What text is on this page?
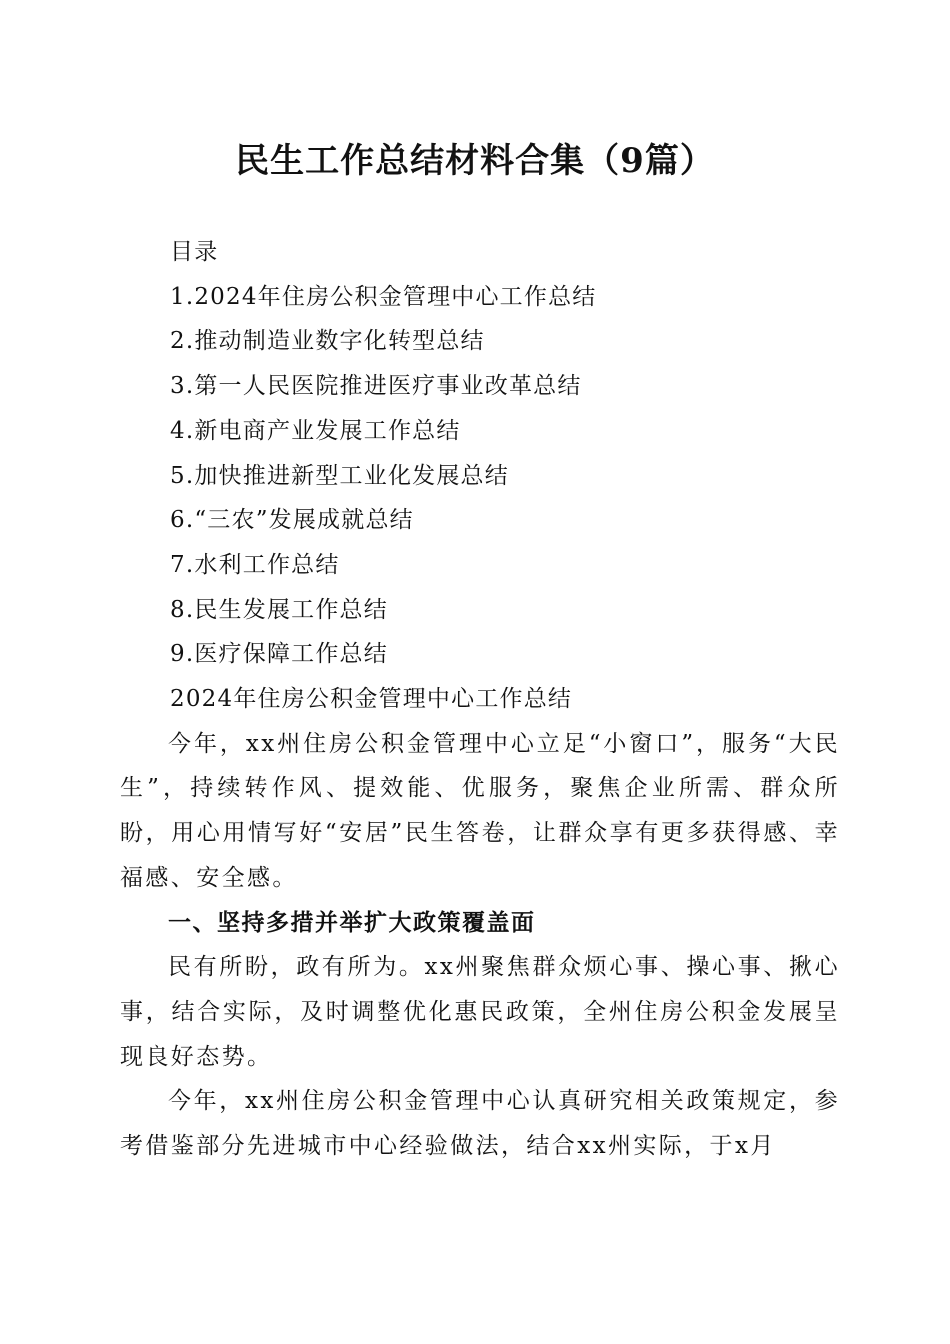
民生工作总结材料合集（9篇）

目录

1.2024年住房公积金管理中心工作总结

2.推动制造业数字化转型总结

3.第一人民医院推进医疗事业改革总结

4.新电商产业发展工作总结

5.加快推进新型工业化发展总结

6.“三农”发展成就总结

7.水利工作总结

8.民生发展工作总结

9.医疗保障工作总结

2024年住房公积金管理中心工作总结

今年，xx州住房公积金管理中心立足“小窗口”，服务“大民生”，持续转作风、提效能、优服务，聚焦企业所需、群众所盼，用心用情写好“安居”民生答卷，让群众享有更多获得感、幸福感、安全感。

一、坚持多措并举扩大政策覆盖面

民有所盼，政有所为。xx州聚焦群众烦心事、操心事、揪心事，结合实际，及时调整优化惠民政策，全州住房公积金发展呈现良好态势。

今年，xx州住房公积金管理中心认真研究相关政策规定，参考借鉴部分先进城市中心经验做法，结合xx州实际，于x月
